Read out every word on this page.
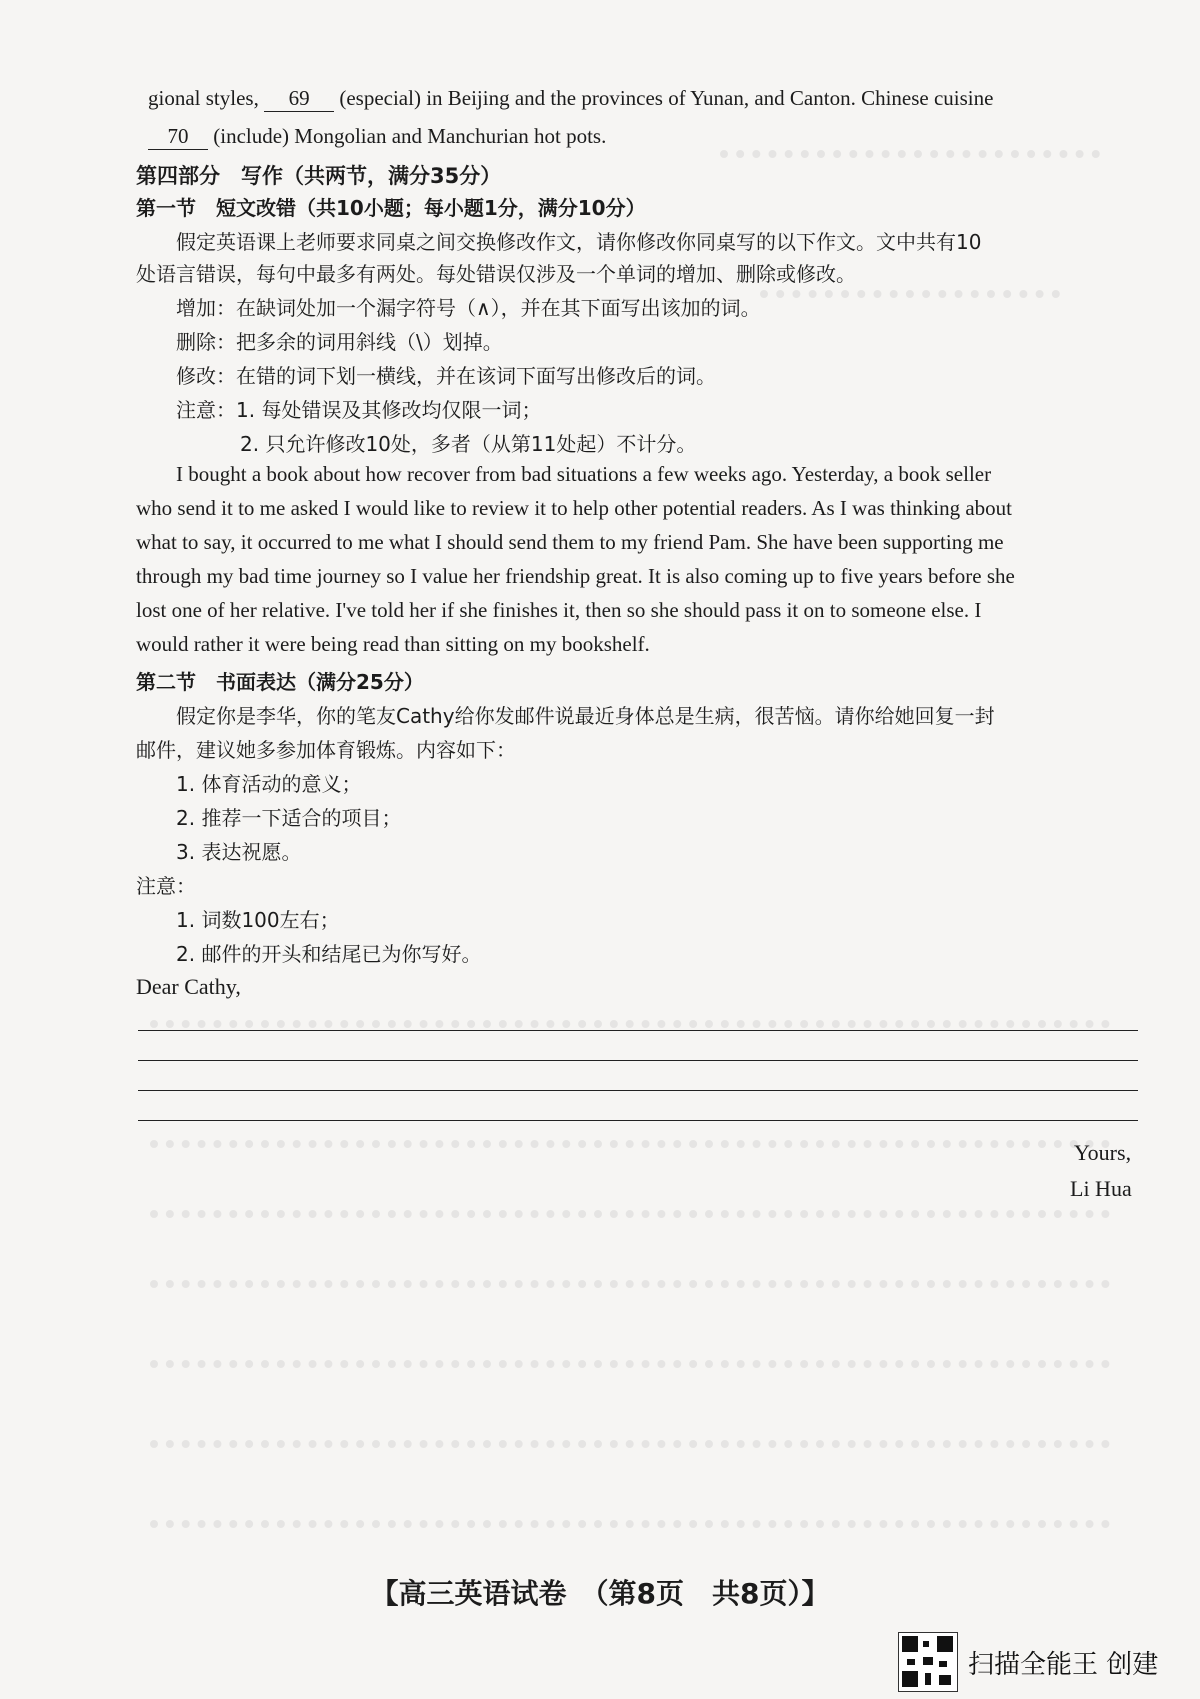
gional styles, 69 (especial) in Beijing and the provinces of Yunan, and Canton. Chinese cuisine
70 (include) Mongolian and Manchurian hot pots.
第四部分　写作（共两节，满分35分）
第一节　短文改错（共10小题；每小题1分，满分10分）
假定英语课上老师要求同桌之间交换修改作文，请你修改你同桌写的以下作文。文中共有10
处语言错误，每句中最多有两处。每处错误仅涉及一个单词的增加、删除或修改。
增加：在缺词处加一个漏字符号（∧），并在其下面写出该加的词。
删除：把多余的词用斜线（\）划掉。
修改：在错的词下划一横线，并在该词下面写出修改后的词。
注意：1. 每处错误及其修改均仅限一词；
2. 只允许修改10处，多者（从第11处起）不计分。
I bought a book about how recover from bad situations a few weeks ago. Yesterday, a book seller
who send it to me asked I would like to review it to help other potential readers. As I was thinking about
what to say, it occurred to me what I should send them to my friend Pam. She have been supporting me
through my bad time journey so I value her friendship great. It is also coming up to five years before she
lost one of her relative. I've told her if she finishes it, then so she should pass it on to someone else. I
would rather it were being read than sitting on my bookshelf.
第二节　书面表达（满分25分）
假定你是李华，你的笔友Cathy给你发邮件说最近身体总是生病，很苦恼。请你给她回复一封
邮件，建议她多参加体育锻炼。内容如下：
1. 体育活动的意义；
2. 推荐一下适合的项目；
3. 表达祝愿。
注意：
1. 词数100左右；
2. 邮件的开头和结尾已为你写好。
Dear Cathy,
Yours,
Li Hua
【高三英语试卷　（第8页　共8页）】
扫描全能王 创建
